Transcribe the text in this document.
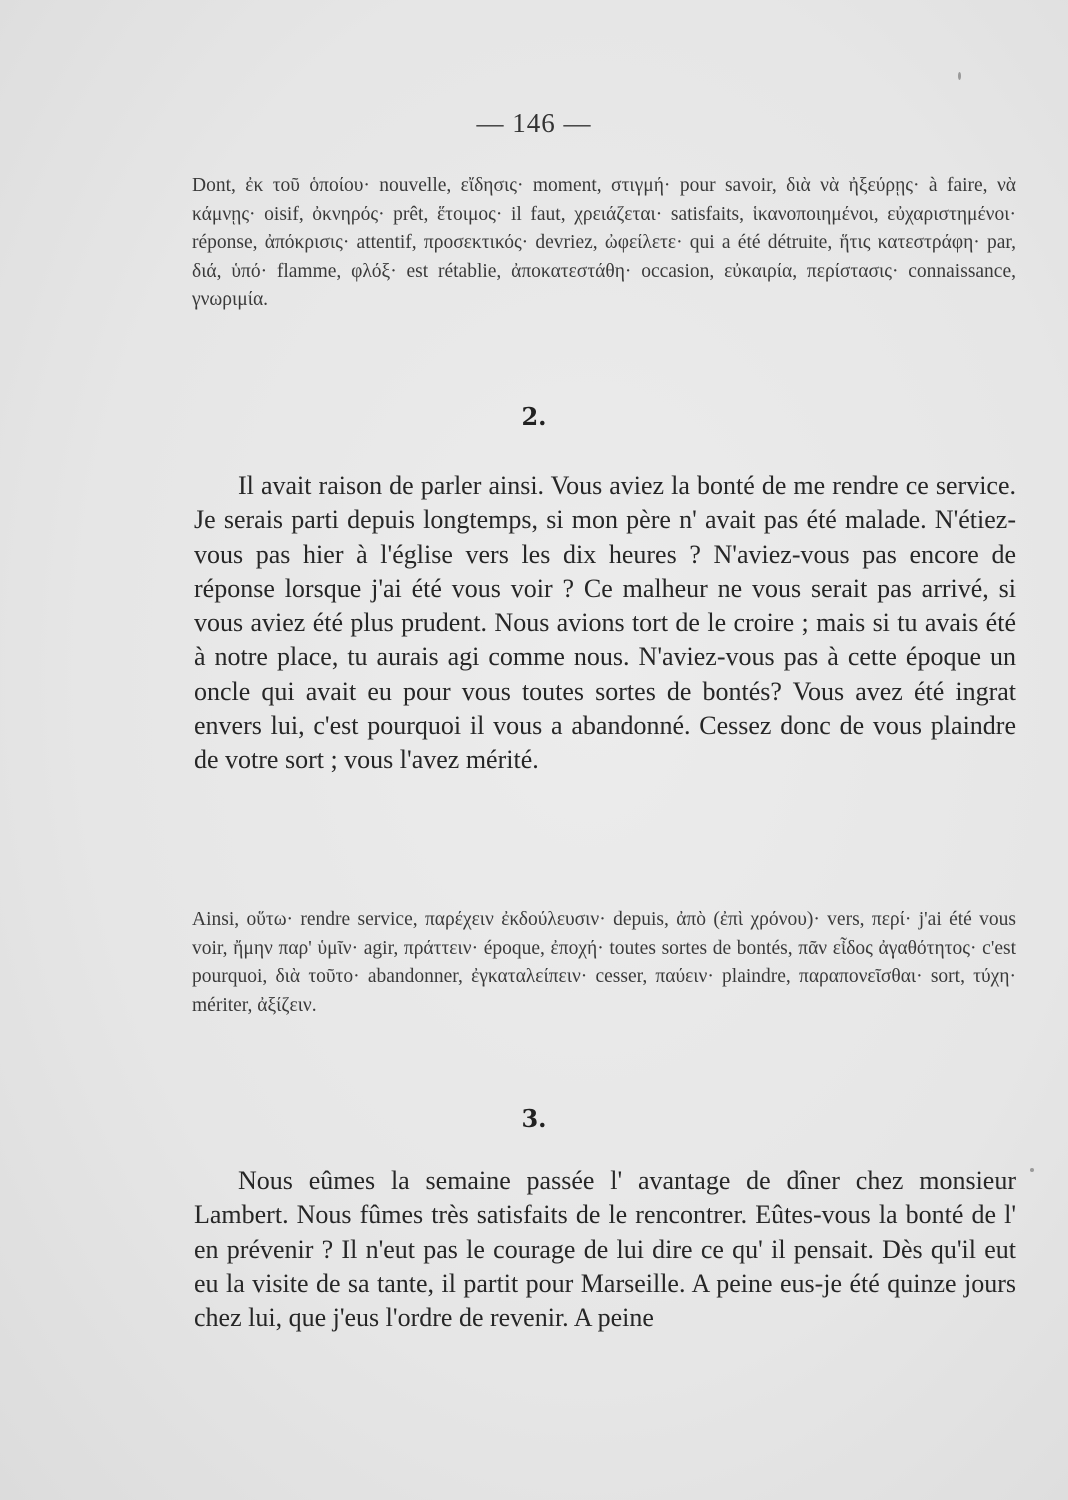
— 146 —

Dont, ἐκ τοῦ ὁποίου· nouvelle, εἴδησις· moment, στιγμή· pour savoir, διὰ νὰ ἠξεύρῃς· à faire, νὰ κάμνῃς· oisif, ὀκνηρός· prêt, ἕτοιμος· il faut, χρειάζεται· satisfaits, ἱκανοποιημένοι, εὐχαριστημένοι· réponse, ἀπόκρισις· attentif, προσεκτικός· devriez, ὠφείλετε· qui a été détruite, ἥτις κατεστράφη· par, διά, ὑπό· flamme, φλόξ· est rétablie, ἀποκατεστάθη· occasion, εὐκαιρία, περίστασις· connaissance, γνωριμία.

2.

Il avait raison de parler ainsi. Vous aviez la bonté de me rendre ce service. Je serais parti depuis longtemps, si mon père n' avait pas été malade. N'étiez-vous pas hier à l'église vers les dix heures ? N'aviez-vous pas encore de réponse lorsque j'ai été vous voir ? Ce malheur ne vous serait pas arrivé, si vous aviez été plus prudent. Nous avions tort de le croire ; mais si tu avais été à notre place, tu aurais agi comme nous. N'aviez-vous pas à cette époque un oncle qui avait eu pour vous toutes sortes de bontés? Vous avez été ingrat envers lui, c'est pourquoi il vous a abandonné. Cessez donc de vous plaindre de votre sort ; vous l'avez mérité.

Ainsi, οὕτω· rendre service, παρέχειν ἐκδούλευσιν· depuis, ἀπὸ (ἐπὶ χρόνου)· vers, περί· j'ai été vous voir, ἤμην παρ' ὑμῖν· agir, πράττειν· époque, ἐποχή· toutes sortes de bontés, πᾶν εἶδος ἀγαθότητος· c'est pourquoi, διὰ τοῦτο· abandonner, ἐγκαταλείπειν· cesser, παύειν· plaindre, παραπονεῖσθαι· sort, τύχη· mériter, ἀξίζειν.

3.

Nous eûmes la semaine passée l' avantage de dîner chez monsieur Lambert. Nous fûmes très satisfaits de le rencontrer. Eûtes-vous la bonté de l' en prévenir ? Il n'eut pas le courage de lui dire ce qu' il pensait. Dès qu'il eut eu la visite de sa tante, il partit pour Marseille. A peine eus-je été quinze jours chez lui, que j'eus l'ordre de revenir. A peine
